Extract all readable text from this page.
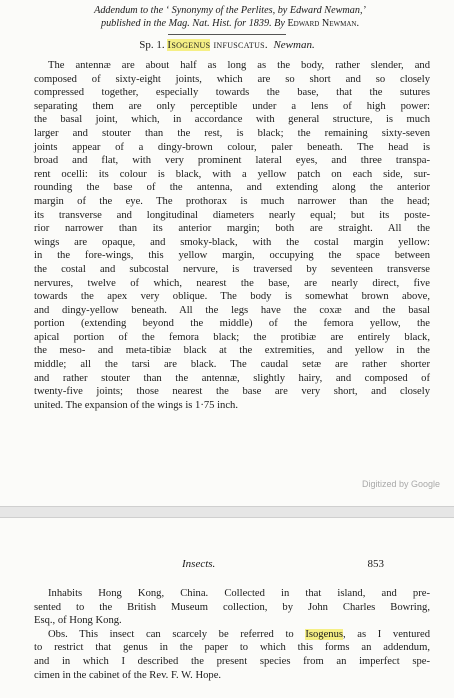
Addendum to the ‘ Synonymy of the Perlites, by Edward Newman,’
published in the Mag. Nat. Hist. for 1839. By Edward Newman.
Sp. 1. Isogenus infuscatus. Newman.
The antennæ are about half as long as the body, rather slender, and
composed of sixty-eight joints, which are so short and so closely
compressed together, especially towards the base, that the sutures
separating them are only perceptible under a lens of high power:
the basal joint, which, in accordance with general structure, is much
larger and stouter than the rest, is black; the remaining sixty-seven
joints appear of a dingy-brown colour, paler beneath. The head is
broad and flat, with very prominent lateral eyes, and three transpa-
rent ocelli: its colour is black, with a yellow patch on each side, sur-
rounding the base of the antenna, and extending along the anterior
margin of the eye. The prothorax is much narrower than the head;
its transverse and longitudinal diameters nearly equal; but its poste-
rior narrower than its anterior margin; both are straight. All the
wings are opaque, and smoky-black, with the costal margin yellow:
in the fore-wings, this yellow margin, occupying the space between
the costal and subcostal nervure, is traversed by seventeen transverse
nervures, twelve of which, nearest the base, are nearly direct, five
towards the apex very oblique. The body is somewhat brown above,
and dingy-yellow beneath. All the legs have the coxæ and the basal
portion (extending beyond the middle) of the femora yellow, the
apical portion of the femora black; the protibiæ are entirely black,
the meso- and meta-tibiæ black at the extremities, and yellow in the
middle; all the tarsi are black. The caudal setæ are rather shorter
and rather stouter than the antennæ, slightly hairy, and composed of
twenty-five joints; those nearest the base are very short, and closely
united. The expansion of the wings is 1·75 inch.
Digitized by Google
Insects.	853
Inhabits Hong Kong, China. Collected in that island, and pre-
sented to the British Museum collection, by John Charles Bowring,
Esq., of Hong Kong.
Obs. This insect can scarcely be referred to Isogenus, as I ventured
to restrict that genus in the paper to which this forms an addendum,
and in which I described the present species from an imperfect spe-
cimen in the cabinet of the Rev. F. W. Hope.
